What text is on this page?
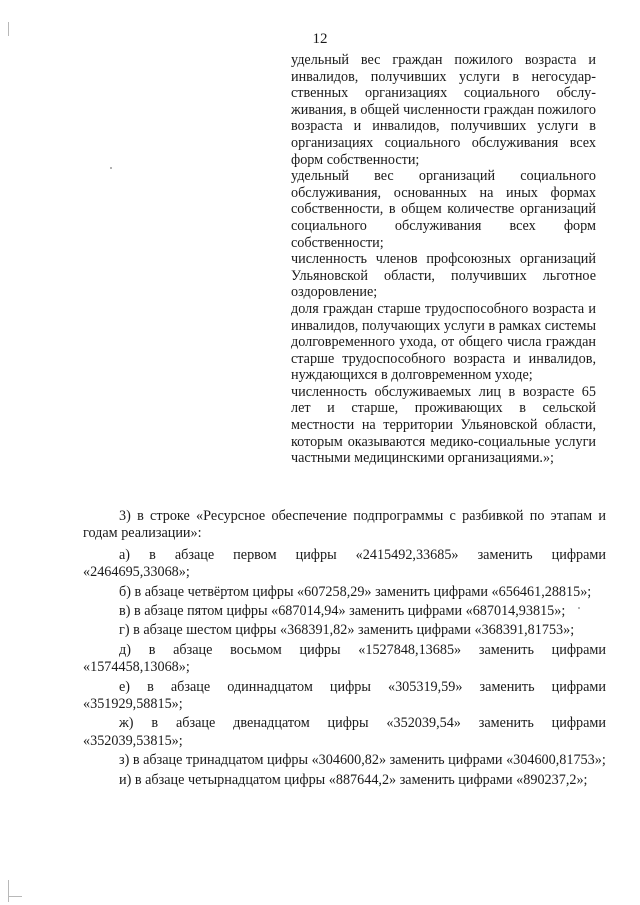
12

удельный вес граждан пожилого возраста и инвалидов, получивших услуги в негосударственных организациях социального обслуживания, в общей численности граждан пожилого возраста и инвалидов, получивших услуги в организациях социального обслуживания всех форм собственности;

удельный вес организаций социального обслуживания, основанных на иных формах собственности, в общем количестве организаций социального обслуживания всех форм собственности;

численность членов профсоюзных организаций Ульяновской области, получивших льготное оздоровление;

доля граждан старше трудоспособного возраста и инвалидов, получающих услуги в рамках системы долговременного ухода, от общего числа граждан старше трудоспособного возраста и инвалидов, нуждающихся в долговременном уходе;

численность обслуживаемых лиц в возрасте 65 лет и старше, проживающих в сельской местности на территории Ульяновской области, которым оказываются медико-социальные услуги частными медицинскими организациями.»;

3) в строке «Ресурсное обеспечение подпрограммы с разбивкой по этапам и годам реализации»:

а) в абзаце первом цифры «2415492,33685» заменить цифрами «2464695,33068»;

б) в абзаце четвёртом цифры «607258,29» заменить цифрами «656461,28815»;

в) в абзаце пятом цифры «687014,94» заменить цифрами «687014,93815»;

г) в абзаце шестом цифры «368391,82» заменить цифрами «368391,81753»;

д) в абзаце восьмом цифры «1527848,13685» заменить цифрами «1574458,13068»;

е) в абзаце одиннадцатом цифры «305319,59» заменить цифрами «351929,58815»;

ж) в абзаце двенадцатом цифры «352039,54» заменить цифрами «352039,53815»;

з) в абзаце тринадцатом цифры «304600,82» заменить цифрами «304600,81753»;

и) в абзаце четырнадцатом цифры «887644,2» заменить цифрами «890237,2»;
